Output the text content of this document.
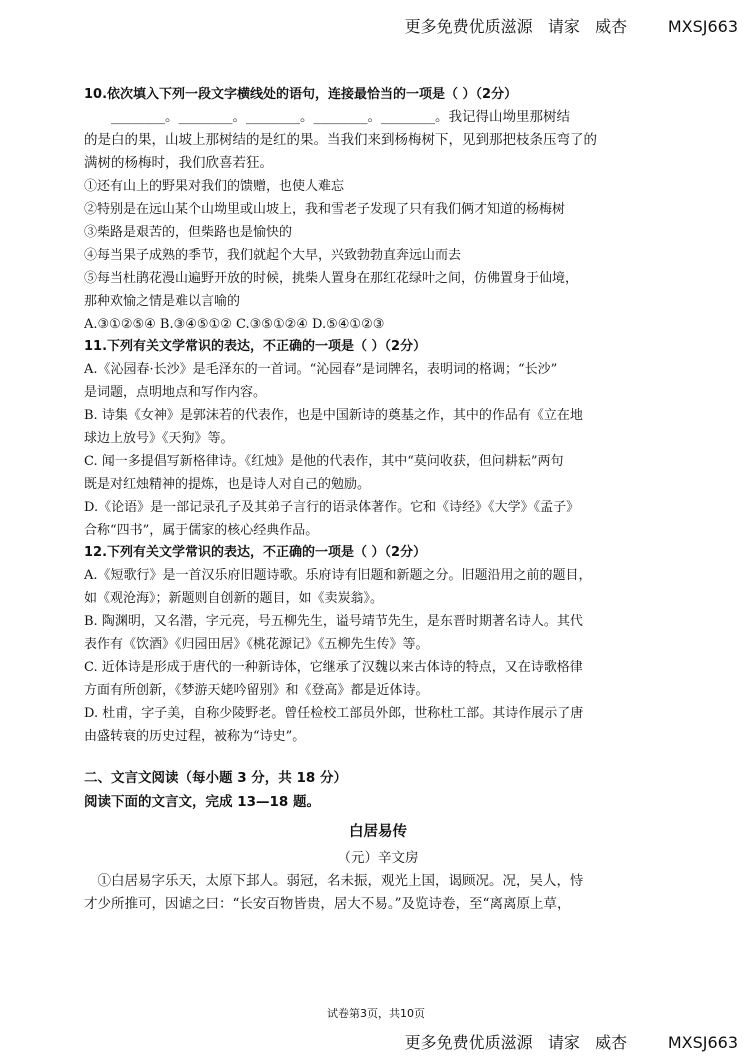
更多免费优质滋源   请家   威杏        MXSJ663

10.依次填入下列一段文字横线处的语句，连接最恰当的一项是（ ）（2分）

　　________。________。________。________。________。我记得山坳里那树结

的是白的果，山坡上那树结的是红的果。当我们来到杨梅树下，见到那把枝条压弯了的

满树的杨梅时，我们欣喜若狂。

①还有山上的野果对我们的馈赠，也使人难忘

②特别是在远山某个山坳里或山坡上，我和雪老子发现了只有我们俩才知道的杨梅树

③柴路是艰苦的，但柴路也是愉快的

④每当果子成熟的季节，我们就起个大早，兴致勃勃直奔远山而去

⑤每当杜鹃花漫山遍野开放的时候，挑柴人置身在那红花绿叶之间，仿佛置身于仙境，

那种欢愉之情是难以言喻的

A.③①②⑤④ B.③④⑤①② C.③⑤①②④ D.⑤④①②③

11.下列有关文学常识的表达，不正确的一项是（ ）（2分）

A.《沁园春·长沙》是毛泽东的一首词。“沁园春”是词牌名，表明词的格调；“长沙”

是词题，点明地点和写作内容。

B. 诗集《女神》是郭沫若的代表作，也是中国新诗的奠基之作，其中的作品有《立在地

球边上放号》《天狗》等。

C. 闻一多提倡写新格律诗。《红烛》是他的代表作，其中“莫问收获，但问耕耘”两句

既是对红烛精神的提炼，也是诗人对自己的勉励。

D.《论语》是一部记录孔子及其弟子言行的语录体著作。它和《诗经》《大学》《孟子》

合称“四书”，属于儒家的核心经典作品。

12.下列有关文学常识的表达，不正确的一项是（ ）（2分）

A.《短歌行》是一首汉乐府旧题诗歌。乐府诗有旧题和新题之分。旧题沿用之前的题目，

如《观沧海》；新题则自创新的题目，如《卖炭翁》。

B. 陶渊明，又名潜，字元亮，号五柳先生，谥号靖节先生，是东晋时期著名诗人。其代

表作有《饮酒》《归园田居》《桃花源记》《五柳先生传》等。

C. 近体诗是形成于唐代的一种新诗体，它继承了汉魏以来古体诗的特点，又在诗歌格律

方面有所创新，《梦游天姥吟留别》和《登高》都是近体诗。

D. 杜甫，字子美，自称少陵野老。曾任检校工部员外郎，世称杜工部。其诗作展示了唐

由盛转衰的历史过程，被称为“诗史”。

二、文言文阅读（每小题 3 分，共 18 分）

阅读下面的文言文，完成 13—18 题。

白居易传

（元）辛文房

　①白居易字乐天，太原下邽人。弱冠，名未振，观光上国，谒顾况。况，吴人，恃

才少所推可，因谑之曰：“长安百物皆贵，居大不易。”及览诗卷，至“离离原上草，

试卷第3页，共10页
更多免费优质滋源   请家   威杏        MXSJ663
